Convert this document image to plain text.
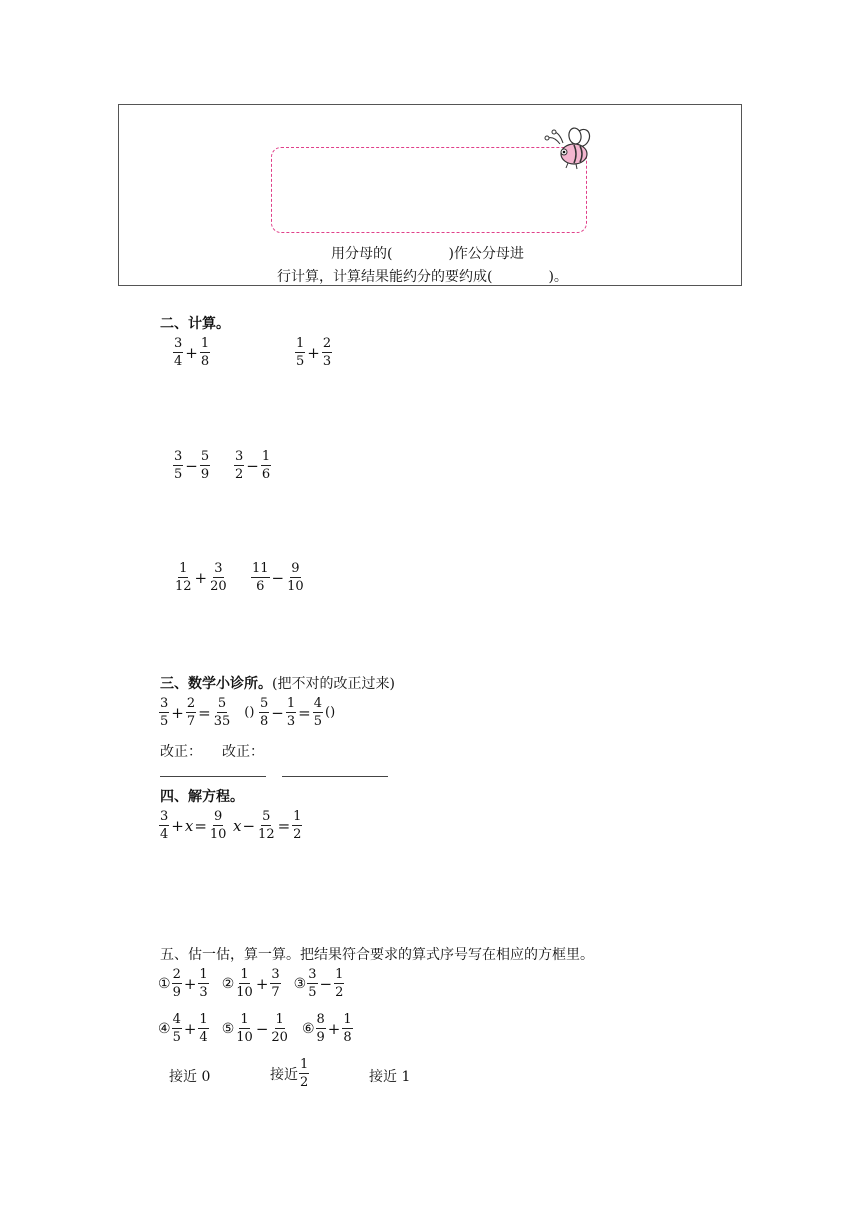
用分母的(　　　　)作公分母进
行计算，计算结果能约分的要约成(　　　　)。
二、计算。
$\frac{3}{4} + \frac{1}{8}$	$\frac{1}{5} + \frac{2}{3}$
$\frac{3}{5} - \frac{5}{9} \frac{3}{2} - \frac{1}{6}$
$\frac{1}{12} + \frac{3}{20} \frac{11}{6} - \frac{9}{10}$
三、数学小诊所。(把不对的改正过来)
$\frac{3}{5} + \frac{2}{7} = \frac{5}{35}$ () $\frac{5}{8} - \frac{1}{3} = \frac{4}{5}$ ()
改正： 改正：
四、解方程。
$\frac{3}{4} + x = \frac{9}{10}$ $x - \frac{5}{12} = \frac{1}{2}$
五、估一估，算一算。把结果符合要求的算式序号写在相应的方框里。
① $\frac{2}{9} + \frac{1}{3}$ ② $\frac{1}{10} + \frac{3}{7}$ ③ $\frac{3}{5} - \frac{1}{2}$
④ $\frac{4}{5} + \frac{1}{4}$ ⑤ $\frac{1}{10} - \frac{1}{20}$ ⑥ $\frac{8}{9} + \frac{1}{8}$
接近 0	接近 $\frac{1}{2}$	接近 1
